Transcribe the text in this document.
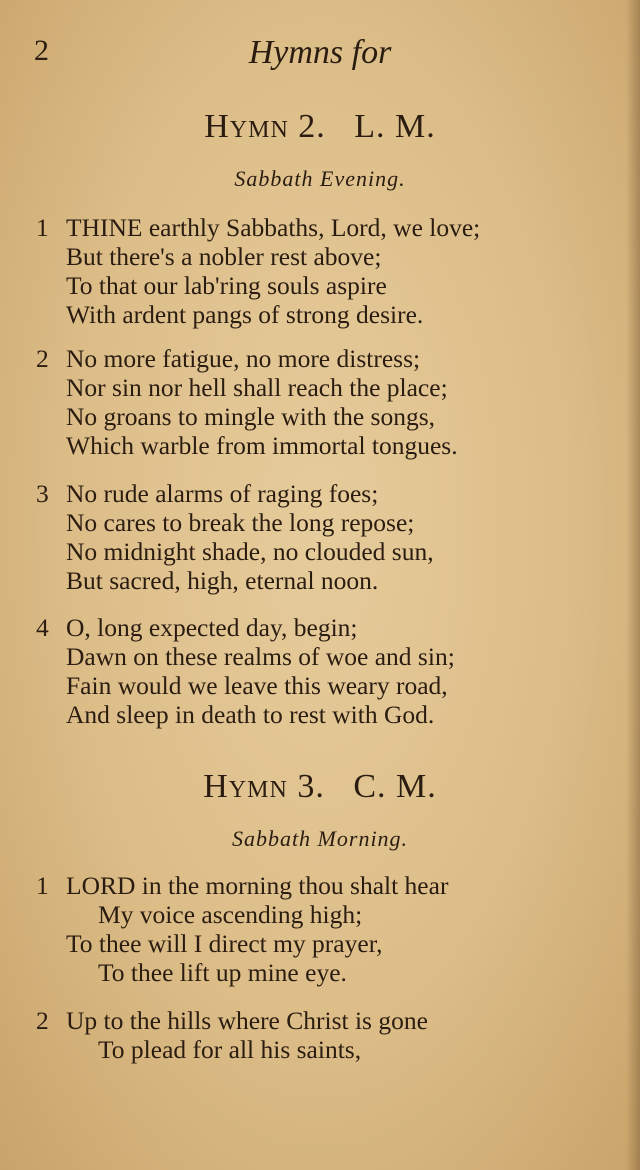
2	Hymns for
Hymn 2. L. M.
Sabbath Evening.
1 THINE earthly Sabbaths, Lord, we love;
But there's a nobler rest above;
To that our lab'ring souls aspire
With ardent pangs of strong desire.
2 No more fatigue, no more distress;
Nor sin nor hell shall reach the place;
No groans to mingle with the songs,
Which warble from immortal tongues.
3 No rude alarms of raging foes;
No cares to break the long repose;
No midnight shade, no clouded sun,
But sacred, high, eternal noon.
4 O, long expected day, begin;
Dawn on these realms of woe and sin;
Fain would we leave this weary road,
And sleep in death to rest with God.
Hymn 3. C. M.
Sabbath Morning.
1 LORD in the morning thou shalt hear
My voice ascending high;
To thee will I direct my prayer,
To thee lift up mine eye.
2 Up to the hills where Christ is gone
To plead for all his saints,
